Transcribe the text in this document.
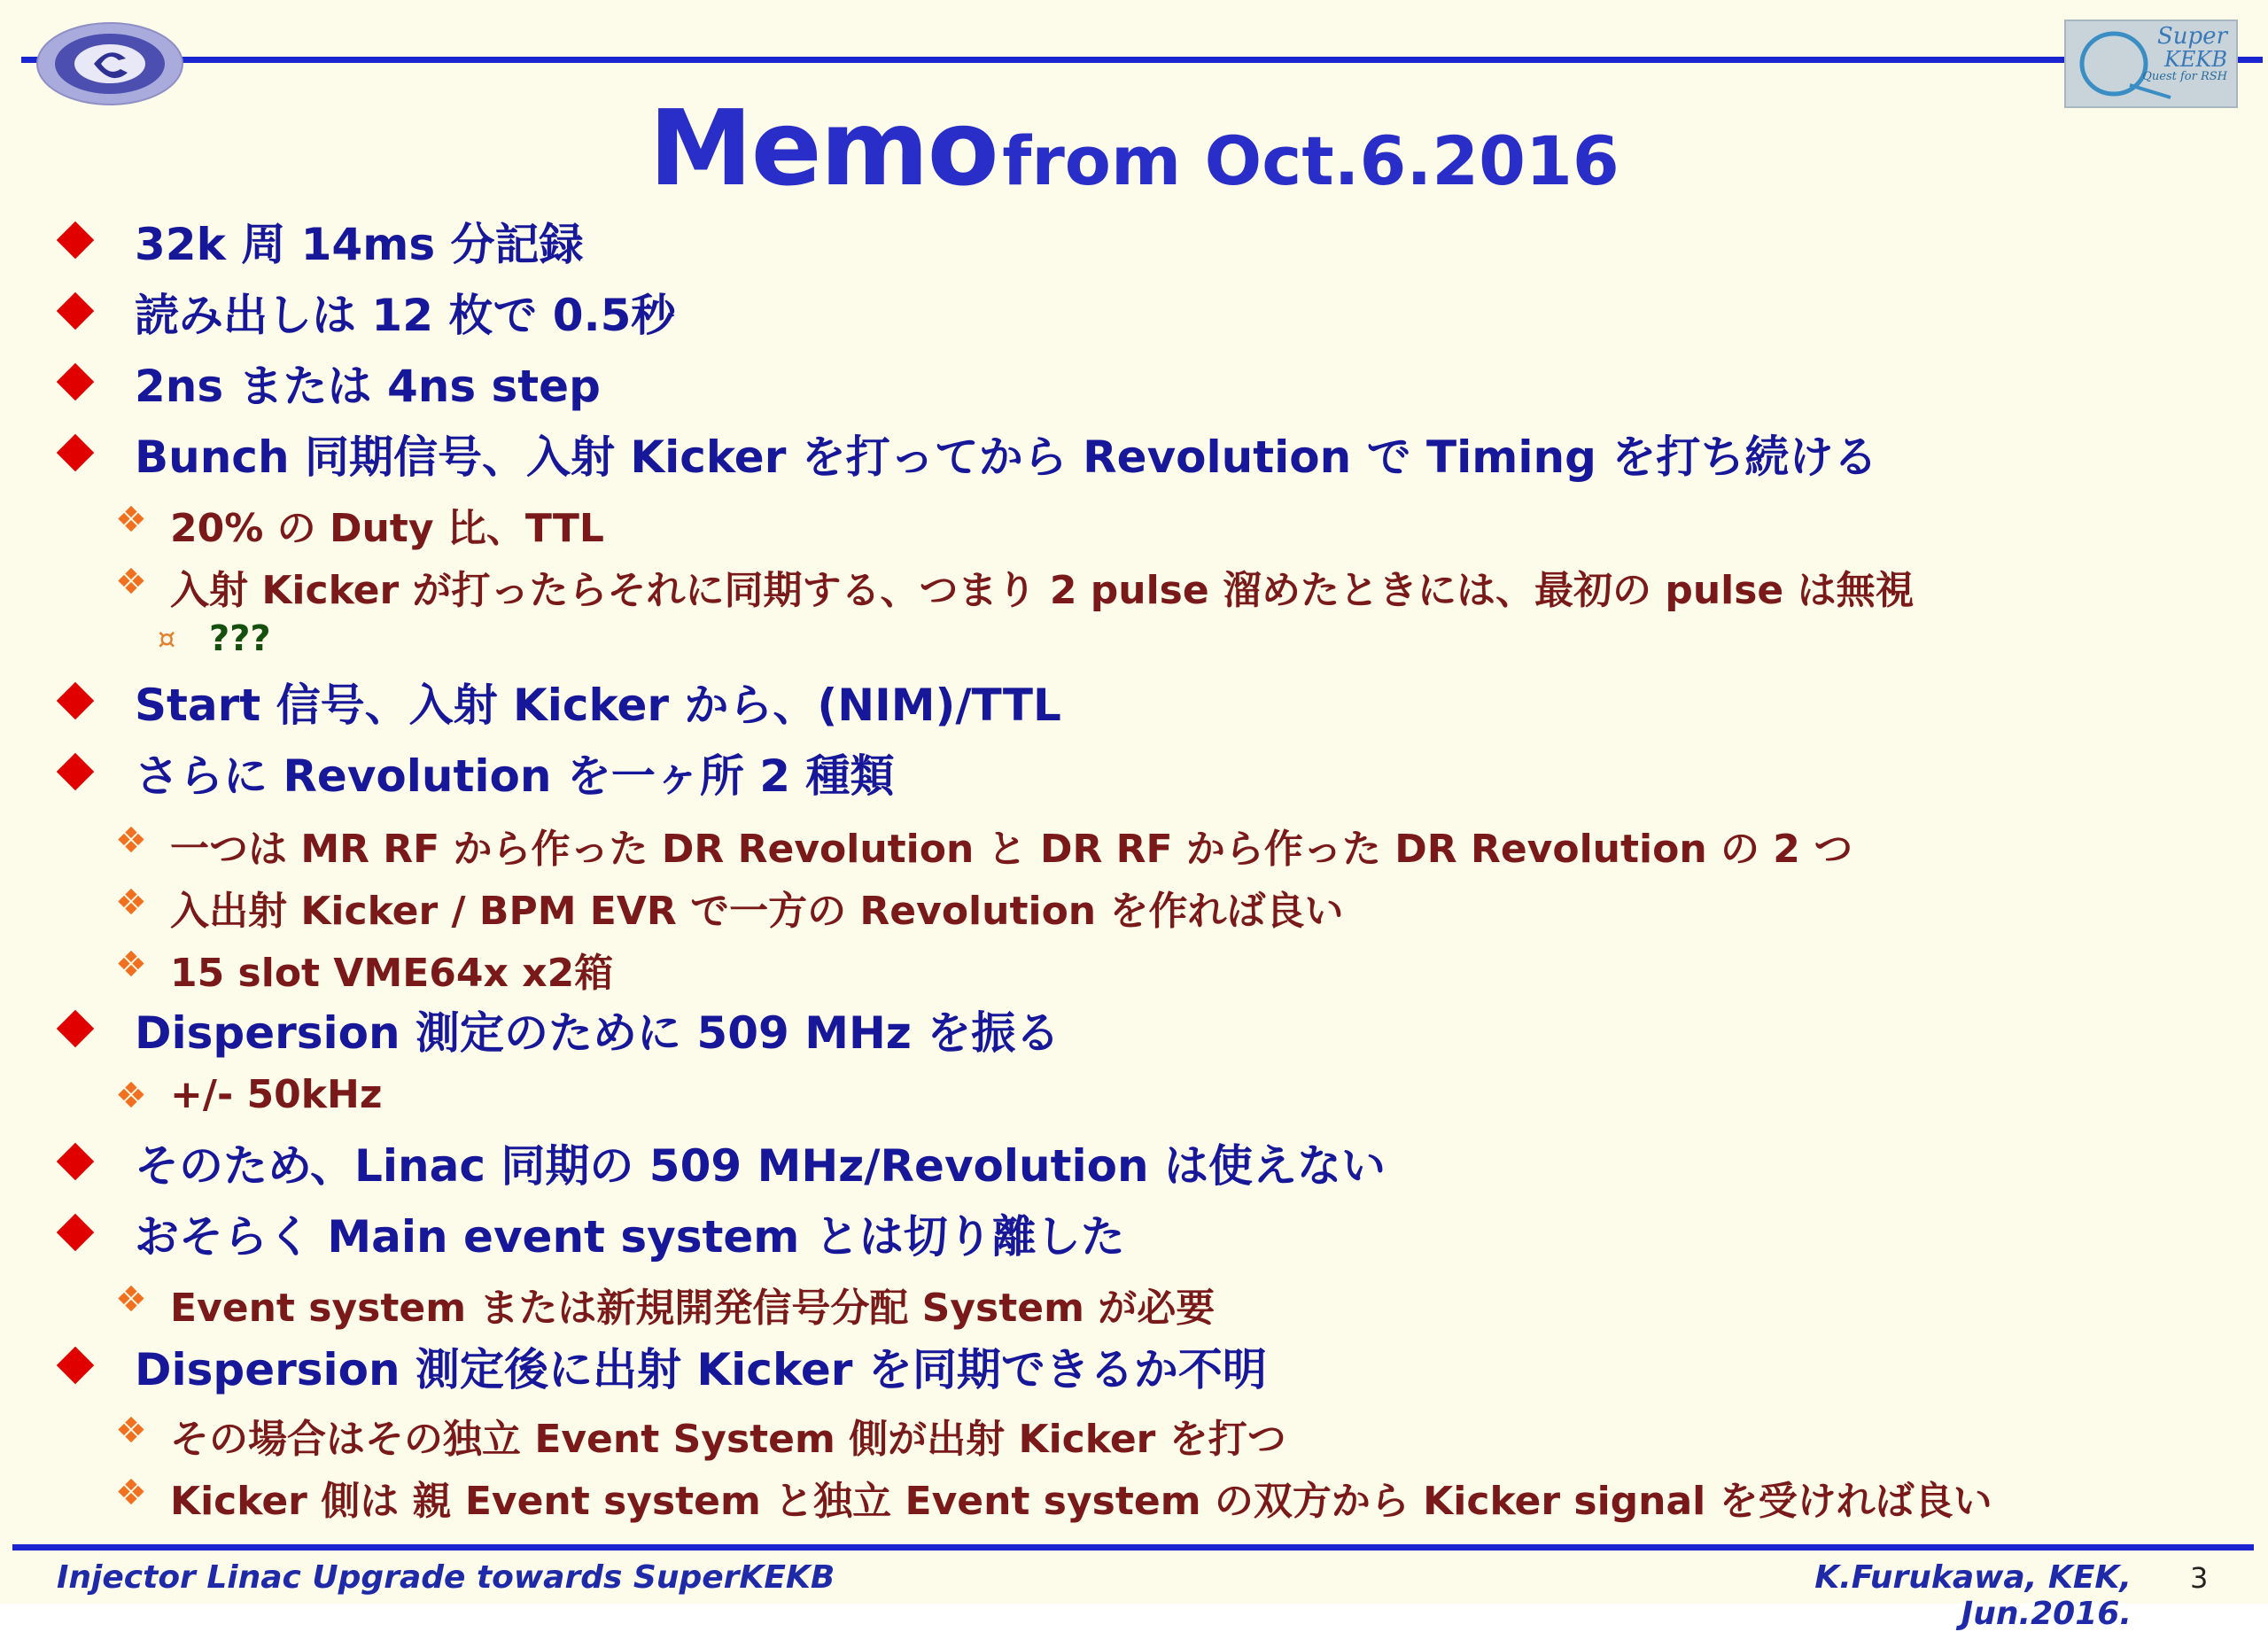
Super
KEKB
Quest for RSH
Memo from Oct.6.2016
32k 周 14ms 分記録
読み出しは 12 枚で 0.5秒
2ns または 4ns step
Bunch 同期信号、入射 Kicker を打ってから Revolution で Timing を打ち続ける
❖ 20% の Duty 比、TTL
❖ 入射 Kicker が打ったらそれに同期する、つまり 2 pulse 溜めたときには、最初の pulse は無視
¤ ???
Start 信号、入射 Kicker から、(NIM)/TTL
さらに Revolution を一ヶ所 2 種類
❖ 一つは MR RF から作った DR Revolution と DR RF から作った DR Revolution の 2 つ
❖ 入出射 Kicker / BPM EVR で一方の Revolution を作れば良い
❖ 15 slot VME64x x2箱
Dispersion 測定のために 509 MHz を振る
❖ +/- 50kHz
そのため、Linac 同期の 509 MHz/Revolution は使えない
おそらく Main event system とは切り離した
❖ Event system または新規開発信号分配 System が必要
Dispersion 測定後に出射 Kicker を同期できるか不明
❖ その場合はその独立 Event System 側が出射 Kicker を打つ
❖ Kicker 側は 親 Event system と独立 Event system の双方から Kicker signal を受ければ良い
Injector Linac Upgrade towards SuperKEKB	K.Furukawa, KEK, Jun.2016.
3
